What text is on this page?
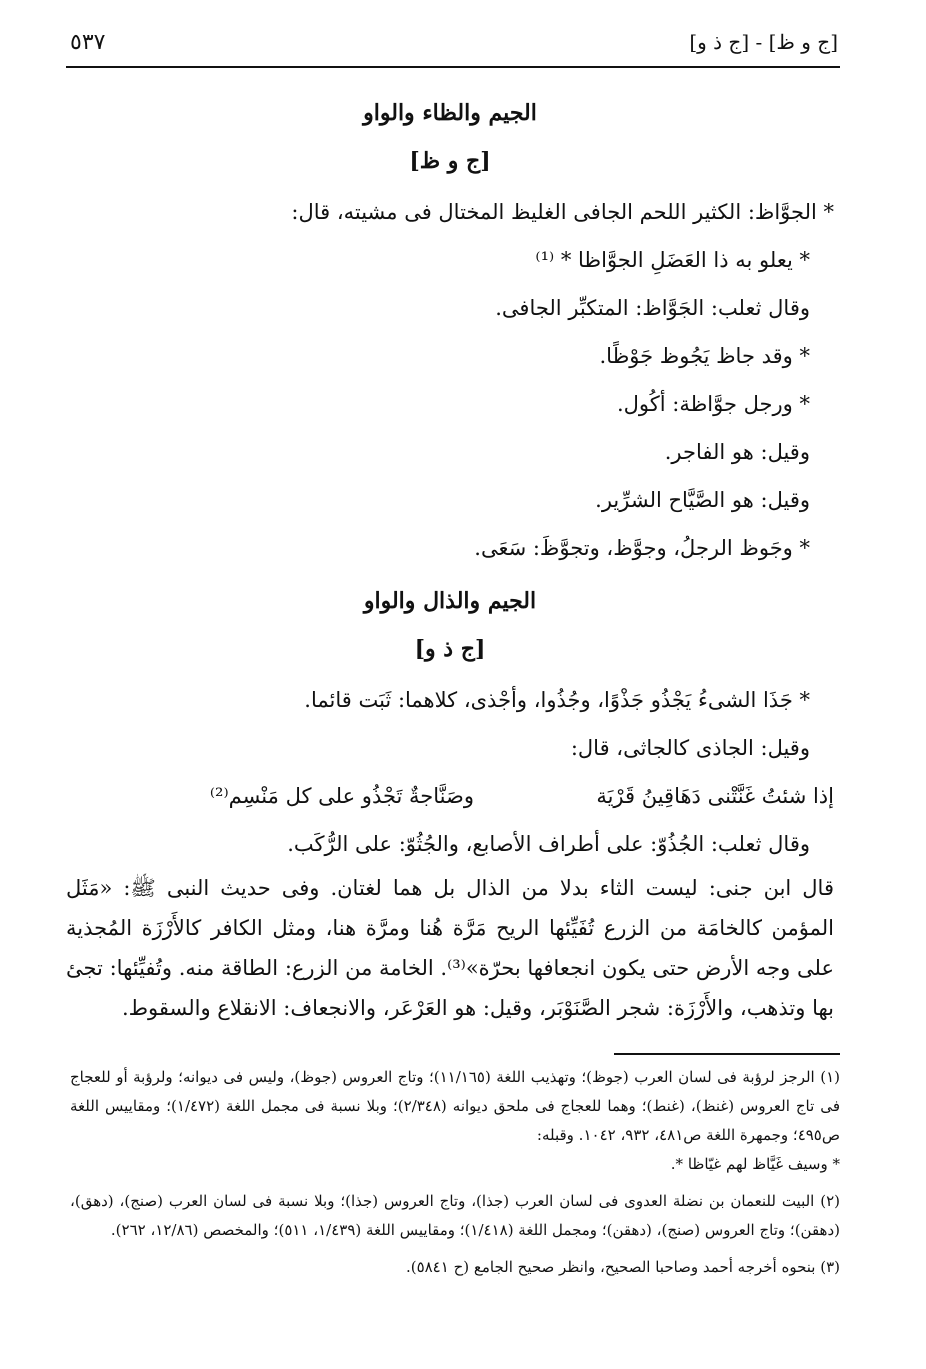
[ج و ظ] - [ج ذ و]
٥٣٧
الجيم والظاء والواو
[ج و ظ]

* الجوَّاظ: الكثير اللحم الجافى الغليظ المختال فى مشيته، قال:

* يعلو به ذا العَضَلِ الجوَّاظا * ⁽¹⁾

وقال ثعلب: الجَوَّاظ: المتكبِّر الجافى.

* وقد جاظ يَجُوظ جَوْظًا.

* ورجل جوَّاظة: أكُول.

وقيل: هو الفاجر.

وقيل: هو الصَّيَّاح الشرِّير.

* وجَوظ الرجلُ، وجوَّظ، وتجوَّظَ: سَعَى.

الجيم والذال والواو
[ج ذ و]

* جَذَا الشىءُ يَجْذُو جَذْوًا، وجُذُوا، وأجْذى، كلاهما: ثَبَت قائما.

وقيل: الجاذى كالجاثى، قال:

إذا شئتُ غَنَّتْنى دَهَاقِينُ قَرْيَة
وصَنَّاجةٌ تَجْذُو على كل مَنْسِم⁽²⁾

وقال ثعلب: الجُذُوّ: على أطراف الأصابع، والجُثُوّ: على الرُّكَب.

قال ابن جنى: ليست الثاء بدلا من الذال بل هما لغتان. وفى حديث النبى ﷺ: «مَثَل المؤمن كالخامَة من الزرع تُفَيِّئها الريح مَرَّة هُنا ومرَّة هنا، ومثل الكافر كالأَرْزَة المُجذية على وجه الأرض حتى يكون انجعافها بحرّة»⁽³⁾. الخامة من الزرع: الطاقة منه. وتُفيِّئها: تجئ بها وتذهب، والأَرْزَة: شجر الصَّنَوْبَر، وقيل: هو العَرْعَر، والانجعاف: الانقلاع والسقوط.

(١) الرجز لرؤبة فى لسان العرب (جوظ)؛ وتهذيب اللغة (١١/١٦٥)؛ وتاج العروس (جوظ)، وليس فى ديوانه؛ ولرؤبة أو للعجاج فى تاج العروس (غنظ)، (غنط)؛ وهما للعجاج فى ملحق ديوانه (٢/٣٤٨)؛ وبلا نسبة فى مجمل اللغة (١/٤٧٢)؛ ومقاييس اللغة ص٤٩٥؛ وجمهرة اللغة ص٤٨١، ٩٣٢، ١٠٤٢. وقبله:

* وسيف غَيَّاظ لهم غيّاظا *.

(٢) البيت للنعمان بن نضلة العدوى فى لسان العرب (جذا)، وتاج العروس (جذا)؛ وبلا نسبة فى لسان العرب (صنج)، (دهق)، (دهقن)؛ وتاج العروس (صنج)، (دهقن)؛ ومجمل اللغة (١/٤١٨)؛ ومقاييس اللغة (١/٤٣٩، ٥١١)؛ والمخصص (١٢/٨٦، ٢٦٢).

(٣) بنحوه أخرجه أحمد وصاحبا الصحيح، وانظر صحيح الجامع (ح ٥٨٤١).
